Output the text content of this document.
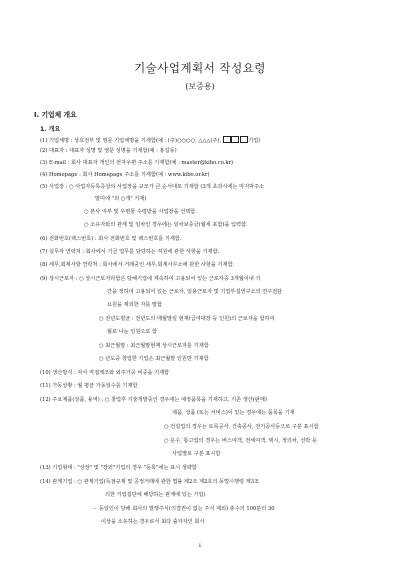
기술사업계획서 작성요령
(보증용)
Ⅰ. 기업체 개요
1. 개요
(1) 기업체명 : 상호전부 및 영문 기업체명을 기재함(예 : (주)○○○○, △△△(주),	기업)
(2) 대표자 : 대표자 성명 및 영문 성명을 기재함(예 : 홍길동)
(3) E-mail : 회사 대표자 개인의 전자우편 주소를 기재함(예 : master@kibo.co.kr)
(4) Homepage : 회사 Homepage 주소를 기재함(예 : www.kibo.or.kr)
(5) 사업장 : ○ 사업자등록증상의 사업장을 규모가 큰 순서대로 기재함 (3개 초과시에는 마지막주소
말미에 "외 ○개" 기재)
○ 본사 여부 및 우편물 수령받을 사업장을 선택함.
○ 소유자와의 관계 및 임차인 경우에는 임차보증금(월세 포함)을 입력함.
(6) 전화번호(팩스번호) : 회사 전화번호 및 팩스번호를 기재함.
(7) 실무자 연락처 : 회사에서 기금 업무를 담당하는 직원에 관한 사항을 기재함.
(8) 세무,회계사항 연락처 : 회사에서 거래중인 세무,회계사무소에 관한 사항을 기재함.
(9) 상시근로자 : ○ 상시근로자라함은 당해기업에 계속하여 고용되어 있는 근로자중 3개월이내 기
간을 정하여 고용되어 있는 근로자, 일용근로자 및 기업부설연구소의 연구전담
요원을 제외한 자를 말함
○ 전년도평균 : 전년도의 매월말일 현재(급여대장 등 인원)의 근로자을 합하여
월로 나눈 인원으로 함
○ 최근월말 : 최근월말현재 상시근로자를 기재함
○ 년도중 창업한 기업은 최근월말 인원만 기재함
(10) 생산방식 : 자사 직접제조와 외주가공 비중을 기재함
(11) 가동상황 : 월 평균 가동일수를 기재함
(12) 주요제품(상품, 용역) : ○ 창업후 기술개발중인 경우에는 예정품목을 기재하고, 기존 생산(판매)
제품, 상품 (또는 서비스)이 있는 경우에는 품목을 기재
○ 건설업의 경우는 토목공사, 건축공사, 전기공사등으로 구분 표시함
○ 운수, 통고업의 경우는 버스여객, 전세여객, 택시, 정의차, 선박 등
사업별로 구분 표시함
(13) 기업형태 : "상장" 및 "장외"기업의 경우 "등록"에는 표시 생략함
(14) 관계기업 : ○ 관계기업(독점규제 및 공정거래에 관한 법률 제2조 제2호의 동법시행령 제3조
의한 기업집단에 해당하는 관계에 있는 기업)
－ 동일인이 당해 회사의 발행주식(의결권이 없는 주식 제외) 총수의 100분의 30
이상을 소유하는 경우로서 최다 출자자인 회사
1
